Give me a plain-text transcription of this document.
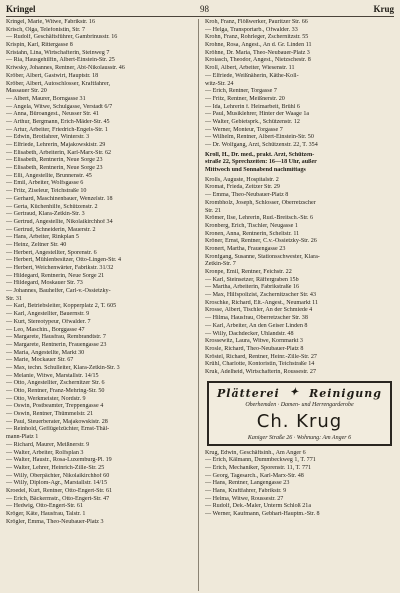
Kringel	98	Krug
Kringel, Marie, Witwe, Fabrikstr. 16
Krisch, Olga, Telefonistin, Str. 7
— Rudolf, Geschäftsführer, Gambrinusstr. 16
Krispin, Karl, Rittergasse 8
Kristahn, Lina, Wirtschafterin, Steinweg 7
— Ria, Hausgehilfin, Albert-Einstein-Str. 25
Kriwsky, Johannes, Rentner, Abt-Nikolausstr. 46
Kröber, Albert, Gastwirt, Hauptstr. 18
Kröber, Albert, Autoschlosser, Kraftfahrer,
Massauer Str. 20
— Albert, Maurer, Borngasse 31
— Angela, Witwe, Schulgasse, Verstadt 6/7
— Anna, Büroangest., Neusser Str. 41
— Arthur, Bergmann, Erich-Mäder-Str. 45
— Artur, Arbeiter, Friedrich-Engels-Str. 1
— Edwin, Brotfahrer, Winterstr. 3
— Elfriede, Lehrerin, Majakowskistr. 29
— Elisabeth, Arbeiterin, Karl-Marx-Str. 62
— Elisabeth, Rentnerin, Neue Sorge 23
— Elisabeth, Rentnerin, Neue Sorge 23
— Elli, Angestellte, Brunnenstr. 45
— Emil, Arbeiter, Wolfsgasse 6
— Fritz, Ziseleur, Teichstraße 10
— Gerhard, Maschinenbauer, Wenzelstr. 18
— Gerta, Küchenhilfe, Schützenstr. 2
— Gertraud, Klara-Zetkin-Str. 3
— Gertrud, Angestellte, Nikolaikirchhof 34
— Gertrud, Schneiderin, Mauerstr. 2
— Hans, Arbeiter, Rinkplan 5
— Heinz, Zeltner Str. 40
— Herbert, Angestellter, Sporenstr. 6
— Herbert, Mühlenbesitzer, Otto-Lingen-Str. 4
— Herbert, Weichenwärter, Fabrikstr. 31/32
— Hildegard, Rentnerin, Neue Sorge 21
— Hildegard, Moskauer Str. 73
— Johannes, Bauhelfer, Carl-v.-Ossietzky-
Str. 31
— Karl, Betriebsleiter, Kopperplatz 2, T. 605
— Karl, Angestellter, Bauernstr. 9
— Kurt, Stereotypeur, Ofwalder. 7
— Leo, Maschin., Borggasse 47
— Margarete, Hausfrau, Rembrandtstr. 7
— Margarete, Rentnerin, Frauengasse 23
— Maria, Angestellte, Markt 30
— Marie, Mockauer Str. 67
— Max, techn. Schulleiter, Klara-Zetkin-Str. 3
— Melanie, Witwe, Marstallstr. 14/15
— Otto, Angestellter, Zschernitzer Str. 6
— Otto, Rentner, Franz-Mehring-Str. 50
— Otto, Werkmeister, Nordstr. 9
— Oswin, Postbeamter, Treppengasse 4
— Oswin, Rentner, Thümmelstr. 21
— Paul, Steuerberater, Majakowskistr. 28
— Reinhold, Geflügelzüchter, Ernst-Thäl-
mann-Platz 1
— Richard, Maurer, Meißnerstr. 9
— Walter, Arbeiter, Rolfsplan 3
— Walter, Haustr., Rosa-Luxemburg-Pl. 19
— Walter, Lehrer, Heinrich-Zille-Str. 25
— Willy, Oberpächter, Nikolaikirchhof 60
— Willy, Diplom-Agr., Marstallstr. 14/15
Kroedel, Kurt, Rentner, Otto-Engert-Str. 61
— Erich, Bäckermstr., Otto-Engert-Str. 47
— Hedwig, Otto-Engert-Str. 61
Kröger, Käte, Hausfrau, Talstr. 1
Krögler, Emma, Theo-Neubauer-Platz 3
Kroh, Franz, Flößwerker, Pauritzer Str. 66
— Helga, Transportarb., Ofwalder. 33
Krohn, Franz, Rohrleger, Zschernitzstr. 55
Krohne, Rosa, Angest., An d. Gr. Linden 11
Kröhne, Dr. Maria, Theo-Neubauer-Platz 3
Kroiasch, Theodor, Angest., Nietzschestr. 8
Kroll, Albert, Arbeiter, Wiesenstr. 11
— Elfriede, Weißnäherin, Käthe-Koll-
witz-Str. 24
— Erich, Rentner, Torgasse 7
— Fritz, Rentner, Meißnerstr. 20
— Ida, Lehrerin f. Heimarbeit, Brühl 6
— Paul, Musiklehrer, Hinter der Waage 1a
— Walter, Gebietsprk., Schützenstr. 12
— Werner, Monteur, Torgasse 7
— Wilhelm, Rentner, Albert-Einstein-Str. 50
— Dr. Wolfgang, Arzt, Schützenstr. 22, T. 354
Kroll, H., Dr. med., prakt. Arzt, Schützen-
straße 22, Sprechzeiten: 16—18 Uhr, außer
Mittwoch und Sonnabend nachmittags
Krolls, Auguste, Hospitalstr. 2
Kromat, Frieda, Zeitzer Str. 29
— Emma, Theo-Neubauer-Platz 8
Krombholz, Joseph, Schlosser, Oberretzscher
Str. 21
Krömer, Ilse, Lehrerin, Rud.-Breitsch.-Str. 6
Kronberg, Erich, Tischler, Neugasse 1
Kronen, Anna, Rentnerin, Scheltstr. 11
Kröner, Ernst, Rentner, C.v.-Ossietzky-Str. 26
Kronert, Martha, Frauengasse 23
Kronfgang, Susanne, Stationsschwester, Klara-
Zetkin-Str. 7
Kronpe, Emil, Rentner, Feichstr. 22
— Karl, Steinsetzer, Räffergraben 15b
— Martha, Arbeiterin, Fabrikstraße 16
— Max, Hilfspolizist, Zschernitzscher Str. 43
Kroschke, Richard, Elt.-Angest., Neumarkt 11
Krosse, Albert, Tischler, An der Schmiede 4
— Hilma, Hausfrau, Oberretzscher Str. 38
— Karl, Arbeiter, An den Geiser Linden 8
— Willy, Dachdecker, Uhlandstr. 48
Krossewitz, Laura, Witwe, Kornmarkt 3
Krosle, Richard, Theo-Neubauer-Platz 8
Kröstel, Richard, Rentner, Heinr.-Zille-Str. 27
Krühl, Charlotte, Kontoristin, Teichstraße 14
Kruk, Adelheid, Wirtschafterin, Roussestr. 27
Plätterei ✦ Reinigung
Oberhemden · Damen- und Herrengarderobe
Ch. Krug
Kaniger Straße 26 · Wohnung: Am Anger 6
Krug, Edwin, Geschäftsinh., Am Anger 6
— Erich, Kälmann, Dummbeckweg 1, T. 771
— Erich, Mechaniker, Sporenstr. 11, T. 771
— Georg, Tagesarch., Karl-Marx-Str. 48
— Hans, Rentner, Langengasse 23
— Hans, Kraftfahrer, Fabrikstr. 9
— Helma, Witwe, Roussestr. 27
— Rudolf, Dek.-Maler, Unterm Schloß 21a
— Werner, Kaufmann, Gebhart-Hauptm.-Str. 8
